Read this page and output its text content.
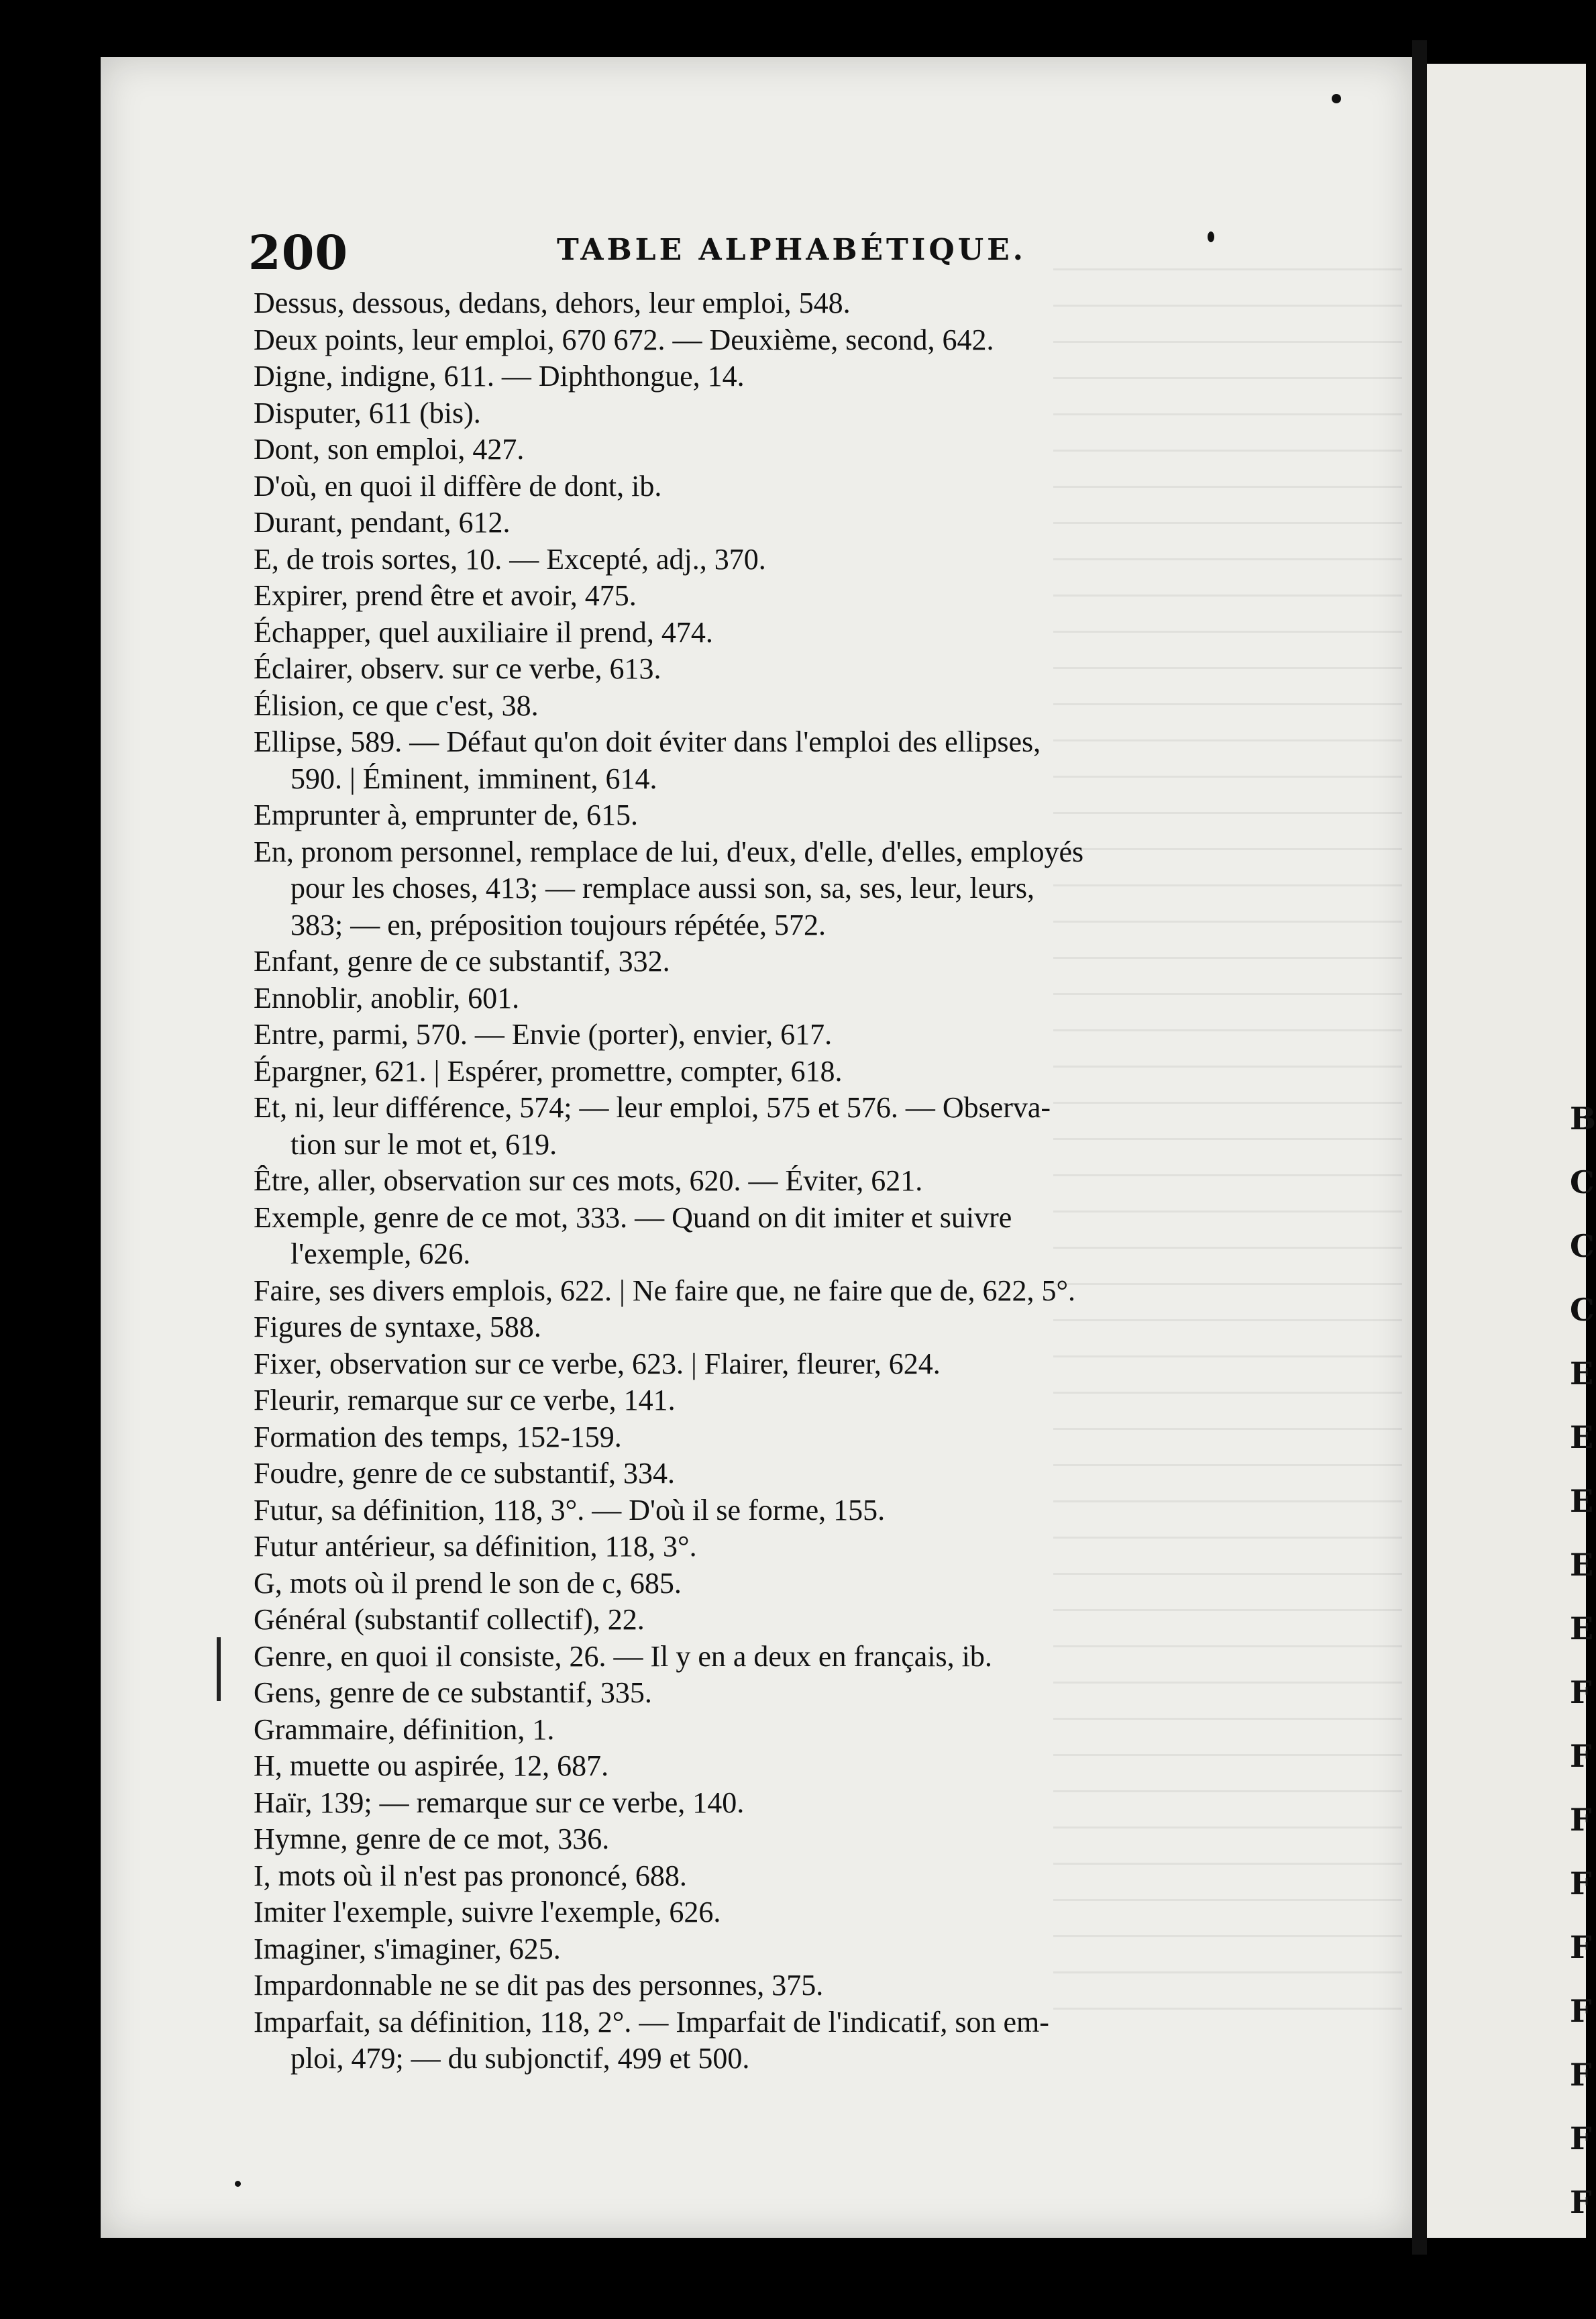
200	TABLE ALPHABÉTIQUE.
Dessus, dessous, dedans, dehors, leur emploi, 548.
Deux points, leur emploi, 670 672. — Deuxième, second, 642.
Digne, indigne, 611. — Diphthongue, 14.
Disputer, 611 (bis).
Dont, son emploi, 427.
D'où, en quoi il diffère de dont, ib.
Durant, pendant, 612.
E, de trois sortes, 10. — Excepté, adj., 370.
Expirer, prend être et avoir, 475.
Échapper, quel auxiliaire il prend, 474.
Éclairer, observ. sur ce verbe, 613.
Élision, ce que c'est, 38.
Ellipse, 589. — Défaut qu'on doit éviter dans l'emploi des ellipses,
590. | Éminent, imminent, 614.
Emprunter à, emprunter de, 615.
En, pronom personnel, remplace de lui, d'eux, d'elle, d'elles, employés
pour les choses, 413; — remplace aussi son, sa, ses, leur, leurs,
383; — en, préposition toujours répétée, 572.
Enfant, genre de ce substantif, 332.
Ennoblir, anoblir, 601.
Entre, parmi, 570. — Envie (porter), envier, 617.
Épargner, 621. | Espérer, promettre, compter, 618.
Et, ni, leur différence, 574; — leur emploi, 575 et 576. — Observa-
tion sur le mot et, 619.
Être, aller, observation sur ces mots, 620. — Éviter, 621.
Exemple, genre de ce mot, 333. — Quand on dit imiter et suivre
l'exemple, 626.
Faire, ses divers emplois, 622. | Ne faire que, ne faire que de, 622, 5°.
Figures de syntaxe, 588.
Fixer, observation sur ce verbe, 623. | Flairer, fleurer, 624.
Fleurir, remarque sur ce verbe, 141.
Formation des temps, 152-159.
Foudre, genre de ce substantif, 334.
Futur, sa définition, 118, 3°. — D'où il se forme, 155.
Futur antérieur, sa définition, 118, 3°.
G, mots où il prend le son de c, 685.
Général (substantif collectif), 22.
Genre, en quoi il consiste, 26. — Il y en a deux en français, ib.
Gens, genre de ce substantif, 335.
Grammaire, définition, 1.
H, muette ou aspirée, 12, 687.
Haïr, 139; — remarque sur ce verbe, 140.
Hymne, genre de ce mot, 336.
I, mots où il n'est pas prononcé, 688.
Imiter l'exemple, suivre l'exemple, 626.
Imaginer, s'imaginer, 625.
Impardonnable ne se dit pas des personnes, 375.
Imparfait, sa définition, 118, 2°. — Imparfait de l'indicatif, son em-
ploi, 479; — du subjonctif, 499 et 500.
B
C
C
C
E
E
E
E
E
F
F
F
F
F
F
F
F
F
